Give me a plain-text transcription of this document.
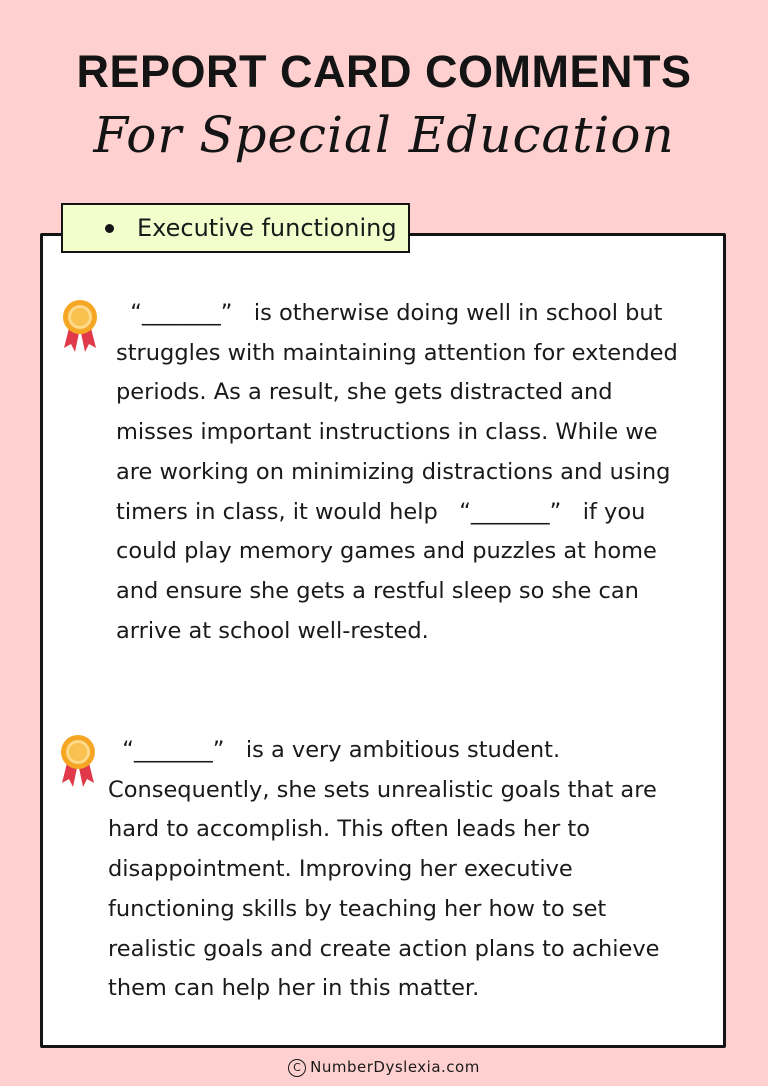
REPORT CARD COMMENTS
For Special Education
Executive functioning
“_______”   is otherwise doing well in school but struggles with maintaining attention for extended periods. As a result, she gets distracted and misses important instructions in class. While we are working on minimizing distractions and using timers in class, it would help   “_______”   if you could play memory games and puzzles at home and ensure she gets a restful sleep so she can arrive at school well-rested.
“_______”   is a very ambitious student. Consequently, she sets unrealistic goals that are hard to accomplish. This often leads her to disappointment. Improving her executive functioning skills by teaching her how to set realistic goals and create action plans to achieve them can help her in this matter.
C NumberDyslexia.com
